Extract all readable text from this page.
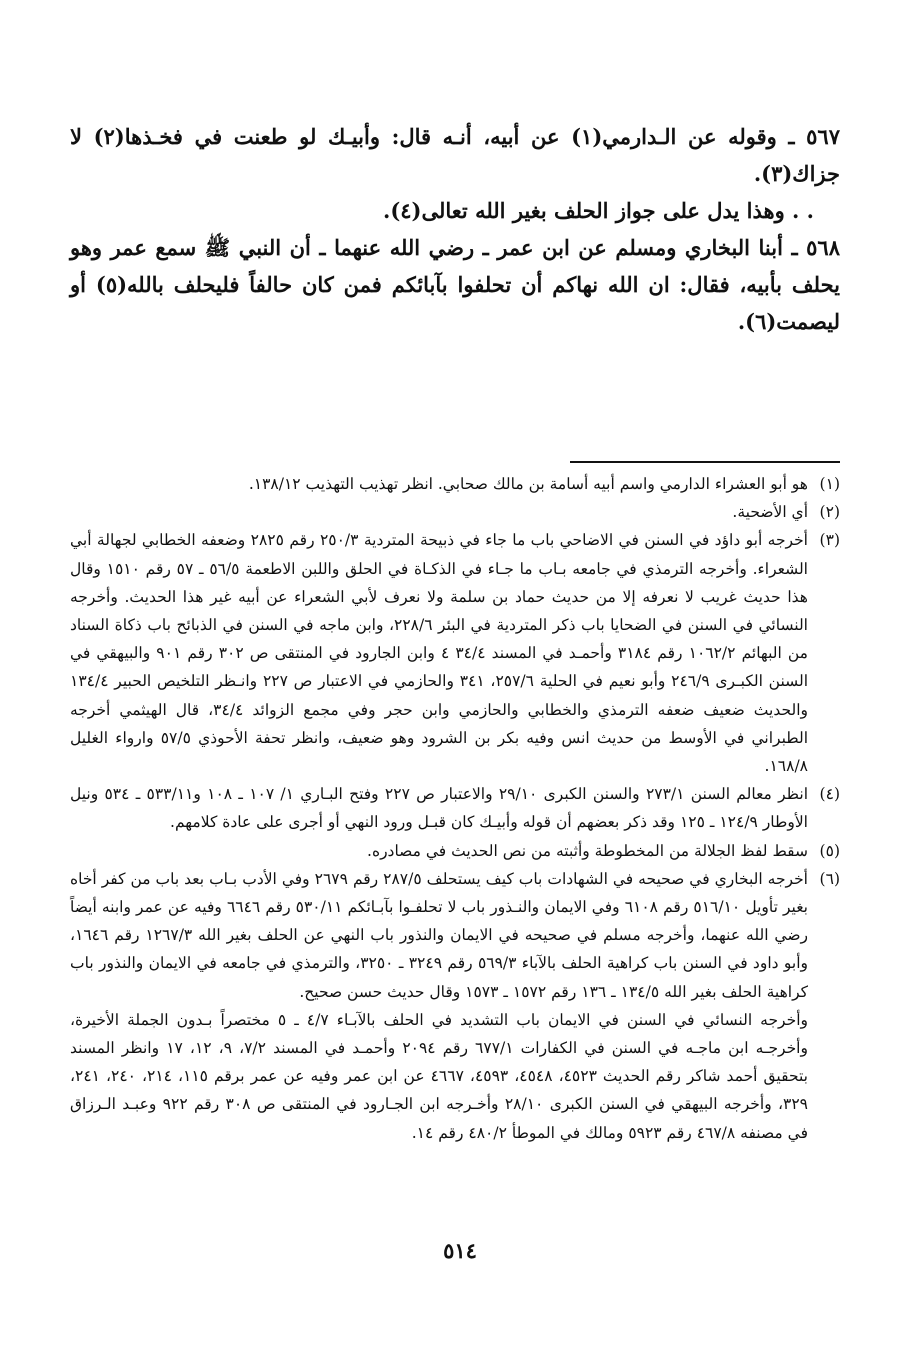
٥٦٧ ـ وقوله عن الـدارمي(١) عن أبيه، أنـه قال: وأبيـك لو طعنت في فخـذها(٢) لا جزاك(٣).

. . وهذا يدل على جواز الحلف بغير الله تعالى(٤).

٥٦٨ ـ أبنا البخاري ومسلم عن ابن عمر ـ رضي الله عنهما ـ أن النبي ﷺ سمع عمر وهو يحلف بأبيه، فقال: ان الله نهاكم أن تحلفوا بآبائكم فمن كان حالفاً فليحلف بالله(٥) أو ليصمت(٦).

(١)
هو أبو العشراء الدارمي واسم أبيه أسامة بن مالك صحابي. انظر تهذيب التهذيب ١٣٨/١٢.
(٢)
أي الأضحية.
(٣)
أخرجه أبو داؤد في السنن في الاضاحي باب ما جاء في ذبيحة المتردية ٢٥٠/٣ رقم ٢٨٢٥ وضعفه الخطابي لجهالة أبي الشعراء. وأخرجه الترمذي في جامعه بـاب ما جـاء في الذكـاة في الحلق واللبن الاطعمة ٥٦/٥ ـ ٥٧ رقم ١٥١٠ وقال هذا حديث غريب لا نعرفه إلا من حديث حماد بن سلمة ولا نعرف لأبي الشعراء عن أبيه غير هذا الحديث. وأخرجه النسائي في السنن في الضحايا باب ذكر المتردية في البئر ٢٢٨/٦، وابن ماجه في السنن في الذبائح باب ذكاة السناد من البهائم ١٠٦٢/٢ رقم ٣١٨٤ وأحمـد في المسند ٣٤/٤ ٤ وابن الجارود في المنتقى ص ٣٠٢ رقم ٩٠١ والبيهقي في السنن الكبـرى ٢٤٦/٩ وأبو نعيم في الحلية ٢٥٧/٦، ٣٤١ والحازمي في الاعتبار ص ٢٢٧ وانـظر التلخيص الحبير ١٣٤/٤ والحديث ضعيف ضعفه الترمذي والخطابي والحازمي وابن حجر وفي مجمع الزوائد ٣٤/٤، قال الهيثمي أخرجه الطبراني في الأوسط من حديث انس وفيه بكر بن الشرود وهو ضعيف، وانظر تحفة الأحوذي ٥٧/٥ وارواء الغليل ١٦٨/٨.
(٤)
انظر معالم السنن ٢٧٣/١ والسنن الكبرى ٢٩/١٠ والاعتبار ص ٢٢٧ وفتح البـاري ١/ ١٠٧ ـ ١٠٨ و٥٣٣/١١ ـ ٥٣٤ ونيل الأوطار ١٢٤/٩ ـ ١٢٥ وقد ذكر بعضهم أن قوله وأبيـك كان قبـل ورود النهي أو أجرى على عادة كلامهم.
(٥)
سقط لفظ الجلالة من المخطوطة وأثبته من نص الحديث في مصادره.
(٦)
أخرجه البخاري في صحيحه في الشهادات باب كيف يستحلف ٢٨٧/٥ رقم ٢٦٧٩ وفي الأدب بـاب بعد باب من كفر أخاه بغير تأويل ٥١٦/١٠ رقم ٦١٠٨ وفي الايمان والنـذور باب لا تحلفـوا بآبـائكم ٥٣٠/١١ رقم ٦٦٤٦ وفيه عن عمر وابنه أيضاً رضي الله عنهما، وأخرجه مسلم في صحيحه في الايمان والنذور باب النهي عن الحلف بغير الله ١٢٦٧/٣ رقم ١٦٤٦، وأبو داود في السنن باب كراهية الحلف بالآباء ٥٦٩/٣ رقم ٣٢٤٩ ـ ٣٢٥٠، والترمذي في جامعه في الايمان والنذور باب كراهية الحلف بغير الله ١٣٤/٥ ـ ١٣٦ رقم ١٥٧٢ ـ ١٥٧٣ وقال حديث حسن صحيح.
وأخرجه النسائي في السنن في الايمان باب التشديد في الحلف بالآبـاء ٤/٧ ـ ٥ مختصراً بـدون الجملة الأخيرة، وأخرجـه ابن ماجـه في السنن في الكفارات ٦٧٧/١ رقم ٢٠٩٤ وأحمـد في المسند ٧/٢، ٩، ١٢، ١٧ وانظر المسند بتحقيق أحمد شاكر رقم الحديث ٤٥٢٣، ٤٥٤٨، ٤٥٩٣، ٤٦٦٧ عن ابن عمر وفيه عن عمر برقم ١١٥، ٢١٤، ٢٤٠، ٢٤١، ٣٢٩، وأخرجه البيهقي في السنن الكبرى ٢٨/١٠ وأخـرجه ابن الجـارود في المنتقى ص ٣٠٨ رقم ٩٢٢ وعبـد الـرزاق في مصنفه ٤٦٧/٨ رقم ٥٩٢٣ ومالك في الموطأ ٤٨٠/٢ رقم ١٤.
٥١٤
